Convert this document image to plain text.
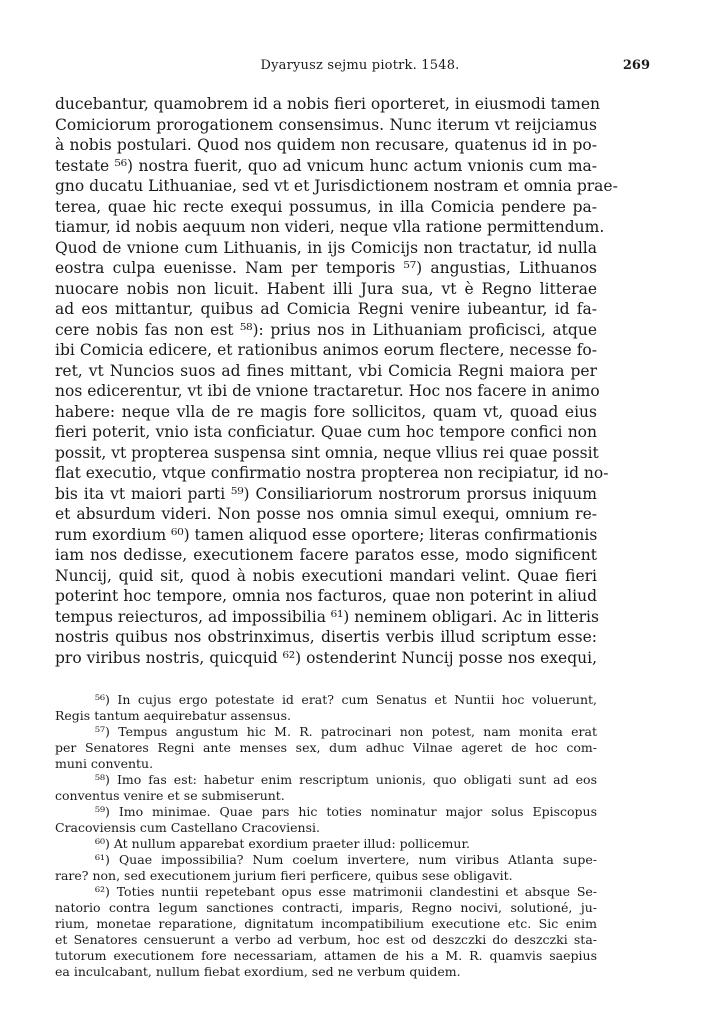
Dyaryusz sejmu piotrk. 1548.	269
ducebantur, quamobrem id a nobis fieri oporteret, in eiusmodi tamen
Comiciorum prorogationem consensimus. Nunc iterum vt reijciamus
à nobis postulari. Quod nos quidem non recusare, quatenus id in po-
testate ⁵⁶) nostra fuerit, quo ad vnicum hunc actum vnionis cum ma-
gno ducatu Lithuaniae, sed vt et Jurisdictionem nostram et omnia prae-
terea, quae hic recte exequi possumus, in illa Comicia pendere pa-
tiamur, id nobis aequum non videri, neque vlla ratione permittendum.
Quod de vnione cum Lithuanis, in ijs Comicijs non tractatur, id nulla
eostra culpa euenisse. Nam per temporis ⁵⁷) angustias, Lithuanos
nuocare nobis non licuit. Habent illi Jura sua, vt è Regno litterae
ad eos mittantur, quibus ad Comicia Regni venire iubeantur, id fa-
cere nobis fas non est ⁵⁸): prius nos in Lithuaniam proficisci, atque
ibi Comicia edicere, et rationibus animos eorum flectere, necesse fo-
ret, vt Nuncios suos ad fines mittant, vbi Comicia Regni maiora per
nos edicerentur, vt ibi de vnione tractaretur. Hoc nos facere in animo
habere: neque vlla de re magis fore sollicitos, quam vt, quoad eius
fieri poterit, vnio ista conficiatur. Quae cum hoc tempore confici non
possit, vt propterea suspensa sint omnia, neque vllius rei quae possit
flat executio, vtque confirmatio nostra propterea non recipiatur, id no-
bis ita vt maiori parti ⁵⁹) Consiliariorum nostrorum prorsus iniquum
et absurdum videri. Non posse nos omnia simul exequi, omnium re-
rum exordium ⁶⁰) tamen aliquod esse oportere; literas confirmationis
iam nos dedisse, executionem facere paratos esse, modo significent
Nuncij, quid sit, quod à nobis executioni mandari velint. Quae fieri
poterint hoc tempore, omnia nos facturos, quae non poterint in aliud
tempus reiecturos, ad impossibilia ⁶¹) neminem obligari. Ac in litteris
nostris quibus nos obstrinximus, disertis verbis illud scriptum esse:
pro viribus nostris, quicquid ⁶²) ostenderint Nuncij posse nos exequi,
⁵⁶) In cujus ergo potestate id erat? cum Senatus et Nuntii hoc voluerunt,
Regis tantum aequirebatur assensus.
⁵⁷) Tempus angustum hic M. R. patrocinari non potest, nam monita erat
per Senatores Regni ante menses sex, dum adhuc Vilnae ageret de hoc com-
muni conventu.
⁵⁸) Imo fas est: habetur enim rescriptum unionis, quo obligati sunt ad eos
conventus venire et se submiserunt.
⁵⁹) Imo minimae. Quae pars hic toties nominatur major solus Episcopus
Cracoviensis cum Castellano Cracoviensi.
⁶⁰) At nullum apparebat exordium praeter illud: pollicemur.
⁶¹) Quae impossibilia? Num coelum invertere, num viribus Atlanta supe-
rare? non, sed executionem jurium fieri perficere, quibus sese obligavit.
⁶²) Toties nuntii repetebant opus esse matrimonii clandestini et absque Se-
natorio contra legum sanctiones contracti, imparis, Regno nocivi, solutioné, ju-
rium, monetae reparatione, dignitatum incompatibilium executione etc. Sic enim
et Senatores censuerunt a verbo ad verbum, hoc est od deszczki do deszczki sta-
tutorum executionem fore necessariam, attamen de his a M. R. quamvis saepius
ea inculcabant, nullum fiebat exordium, sed ne verbum quidem.
